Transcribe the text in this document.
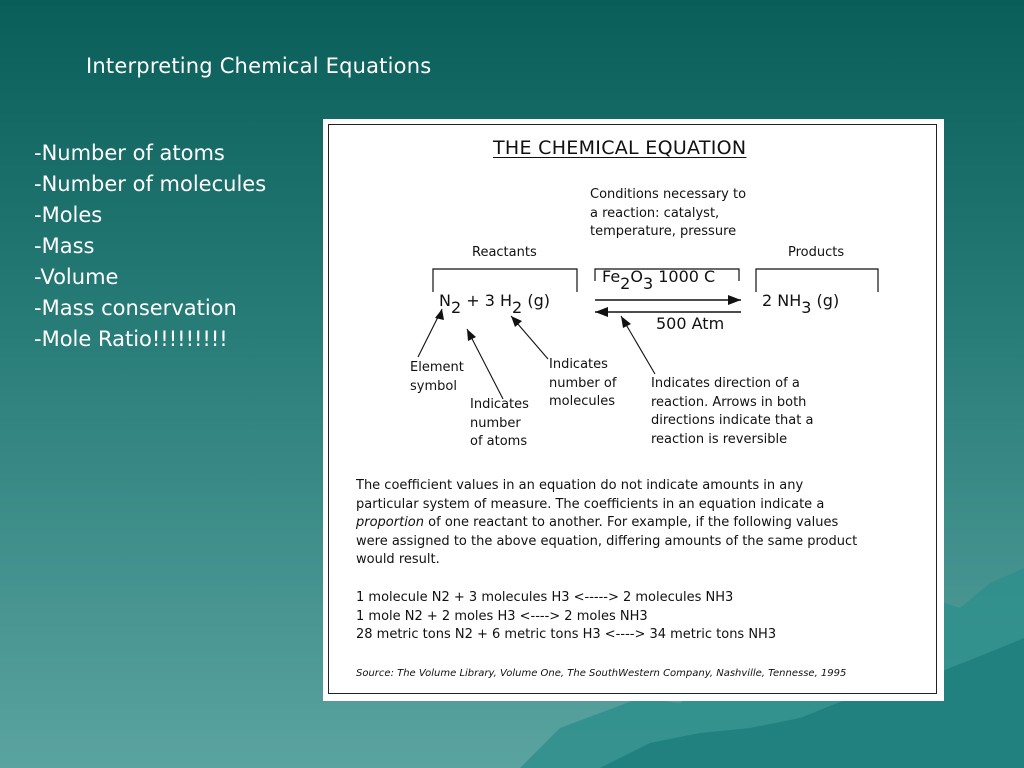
Interpreting Chemical Equations
-Number of atoms
-Number of molecules
-Moles
-Mass
-Volume
-Mass conservation
-Mole Ratio!!!!!!!!!
THE CHEMICAL EQUATION
Conditions necessary to
a reaction: catalyst,
temperature, pressure
Reactants	Products
Fe2O3 1000 C
500 Atm
N2 + 3 H2 (g)	2 NH3 (g)
Element
symbol
Indicates
number
of atoms
Indicates
number of
molecules
Indicates direction of a
reaction. Arrows in both
directions indicate that a
reaction is reversible
The coefficient values in an equation do not indicate amounts in any
particular system of measure. The coefficients in an equation indicate a
proportion of one reactant to another. For example, if the following values
were assigned to the above equation, differing amounts of the same product
would result.
1 molecule N2 + 3 molecules H3 <-----> 2 molecules NH3
1 mole N2 + 2 moles H3 <----> 2 moles NH3
28 metric tons N2 + 6 metric tons H3 <----> 34 metric tons NH3
Source: The Volume Library, Volume One, The SouthWestern Company, Nashville, Tennesse, 1995
